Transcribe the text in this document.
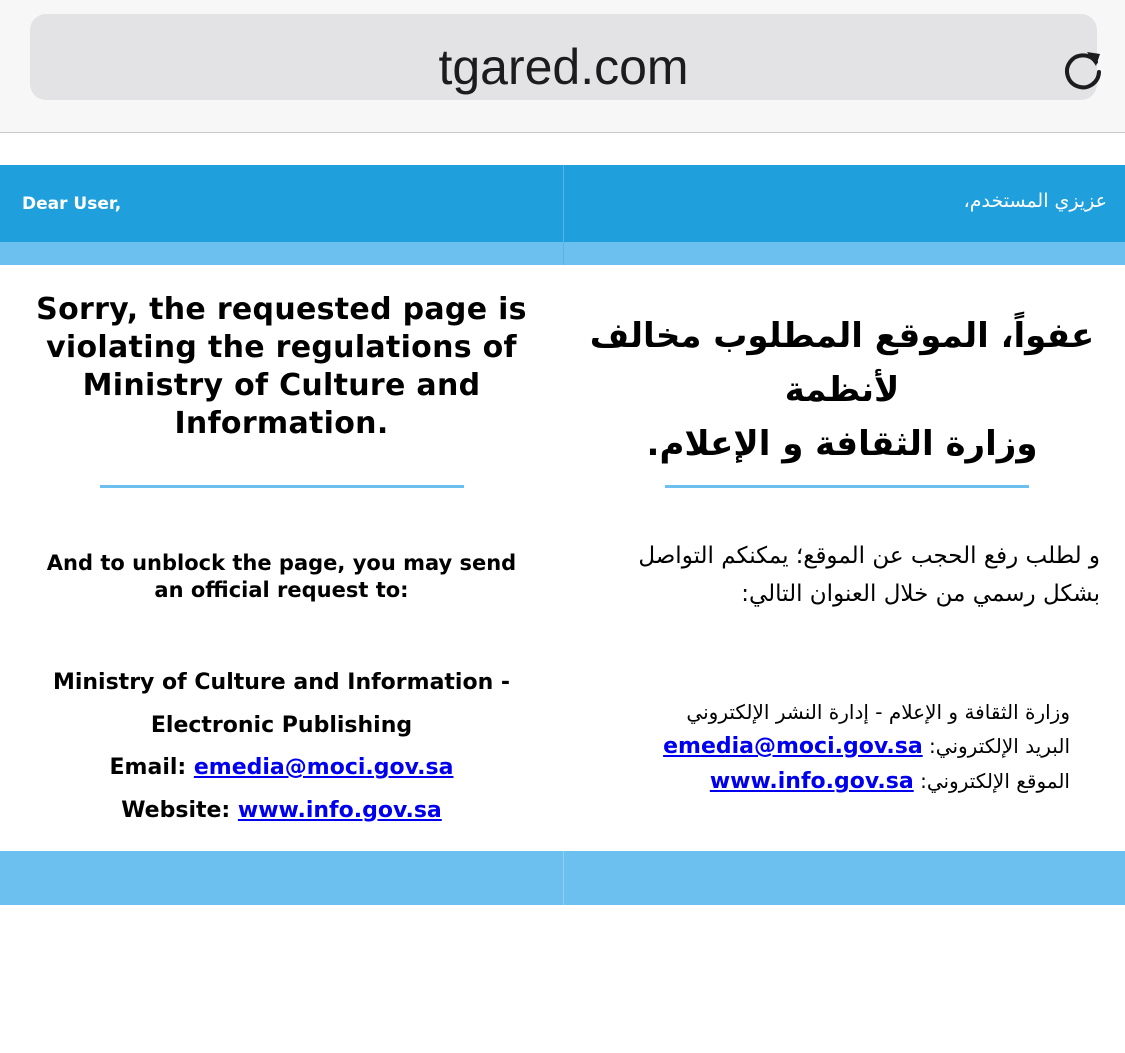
tgared.com
Dear User,	عزيزي المستخدم،
Sorry, the requested page is violating the regulations of Ministry of Culture and Information.
And to unblock the page, you may send an official request to:
Ministry of Culture and Information -
Electronic Publishing
Email: emedia@moci.gov.sa
Website: www.info.gov.sa
عفواً، الموقع المطلوب مخالف لأنظمة
وزارة الثقافة و الإعلام.
و لطلب رفع الحجب عن الموقع؛ يمكنكم التواصل
بشكل رسمي من خلال العنوان التالي:
وزارة الثقافة و الإعلام - إدارة النشر الإلكتروني
البريد الإلكتروني: emedia@moci.gov.sa
الموقع الإلكتروني: www.info.gov.sa
